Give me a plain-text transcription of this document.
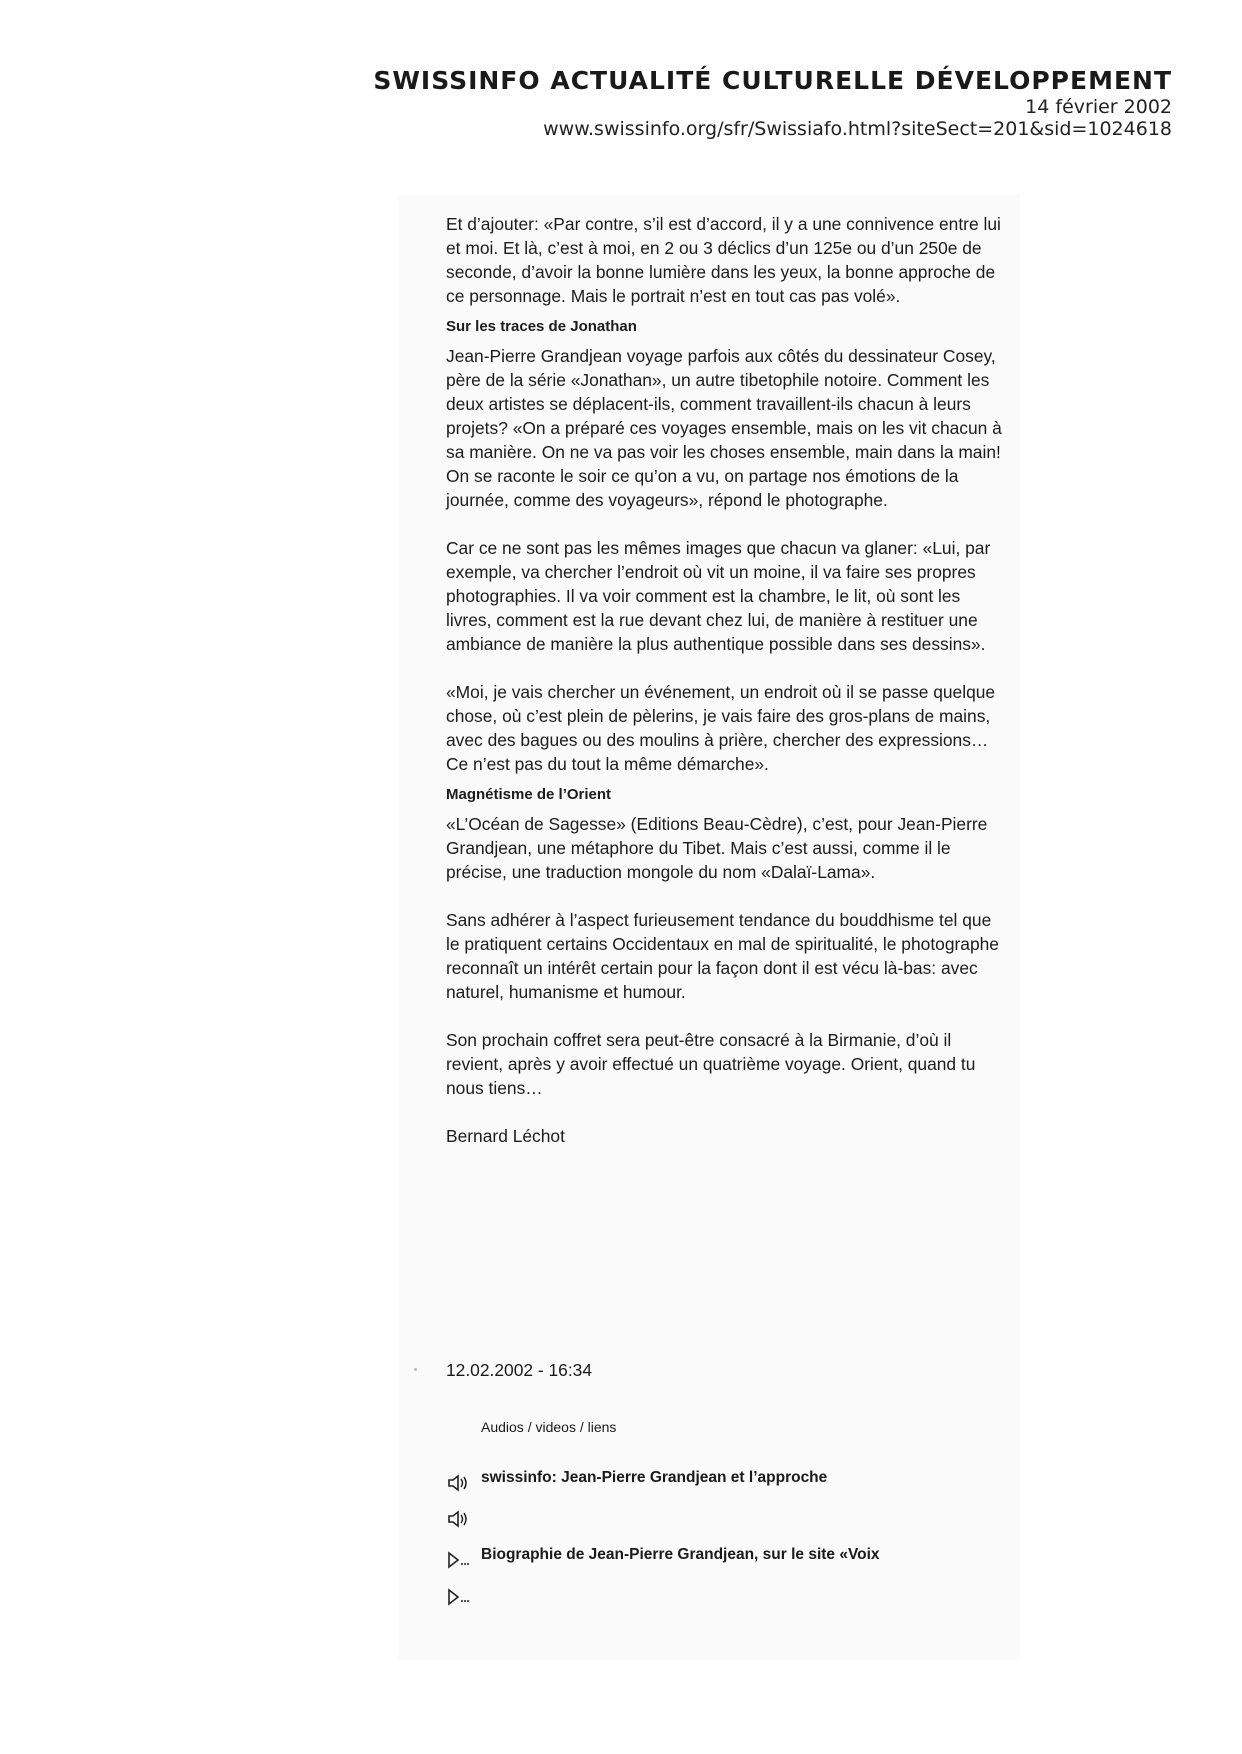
SWISSINFO ACTUALITÉ CULTURELLE DÉVELOPPEMENT
14 février 2002
www.swissinfo.org/sfr/Swissiafo.html?siteSect=201&sid=1024618

Et d’ajouter: «Par contre, s’il est d’accord, il y a une connivence entre lui et moi. Et là, c’est à moi, en 2 ou 3 déclics d’un 125e ou d’un 250e de seconde, d’avoir la bonne lumière dans les yeux, la bonne approche de ce personnage. Mais le portrait n’est en tout cas pas volé».

Sur les traces de Jonathan

Jean-Pierre Grandjean voyage parfois aux côtés du dessinateur Cosey, père de la série «Jonathan», un autre tibetophile notoire. Comment les deux artistes se déplacent-ils, comment travaillent-ils chacun à leurs projets? «On a préparé ces voyages ensemble, mais on les vit chacun à sa manière. On ne va pas voir les choses ensemble, main dans la main! On se raconte le soir ce qu’on a vu, on partage nos émotions de la journée, comme des voyageurs», répond le photographe.

Car ce ne sont pas les mêmes images que chacun va glaner: «Lui, par exemple, va chercher l’endroit où vit un moine, il va faire ses propres photographies. Il va voir comment est la chambre, le lit, où sont les livres, comment est la rue devant chez lui, de manière à restituer une ambiance de manière la plus authentique possible dans ses dessins».

«Moi, je vais chercher un événement, un endroit où il se passe quelque chose, où c’est plein de pèlerins, je vais faire des gros-plans de mains, avec des bagues ou des moulins à prière, chercher des expressions… Ce n’est pas du tout la même démarche».

Magnétisme de l’Orient

«L’Océan de Sagesse» (Editions Beau-Cèdre), c’est, pour Jean-Pierre Grandjean, une métaphore du Tibet. Mais c’est aussi, comme il le précise, une traduction mongole du nom «Dalaï-Lama».

Sans adhérer à l’aspect furieusement tendance du bouddhisme tel que le pratiquent certains Occidentaux en mal de spiritualité, le photographe reconnaît un intérêt certain pour la façon dont il est vécu là-bas: avec naturel, humanisme et humour.

Son prochain coffret sera peut-être consacré à la Birmanie, d’où il revient, après y avoir effectué un quatrième voyage. Orient, quand tu nous tiens…

Bernard Léchot

12.02.2002 - 16:34
Audios / videos / liens
swissinfo: Jean-Pierre Grandjean et l’approche
Biographie de Jean-Pierre Grandjean, sur le site «Voix
